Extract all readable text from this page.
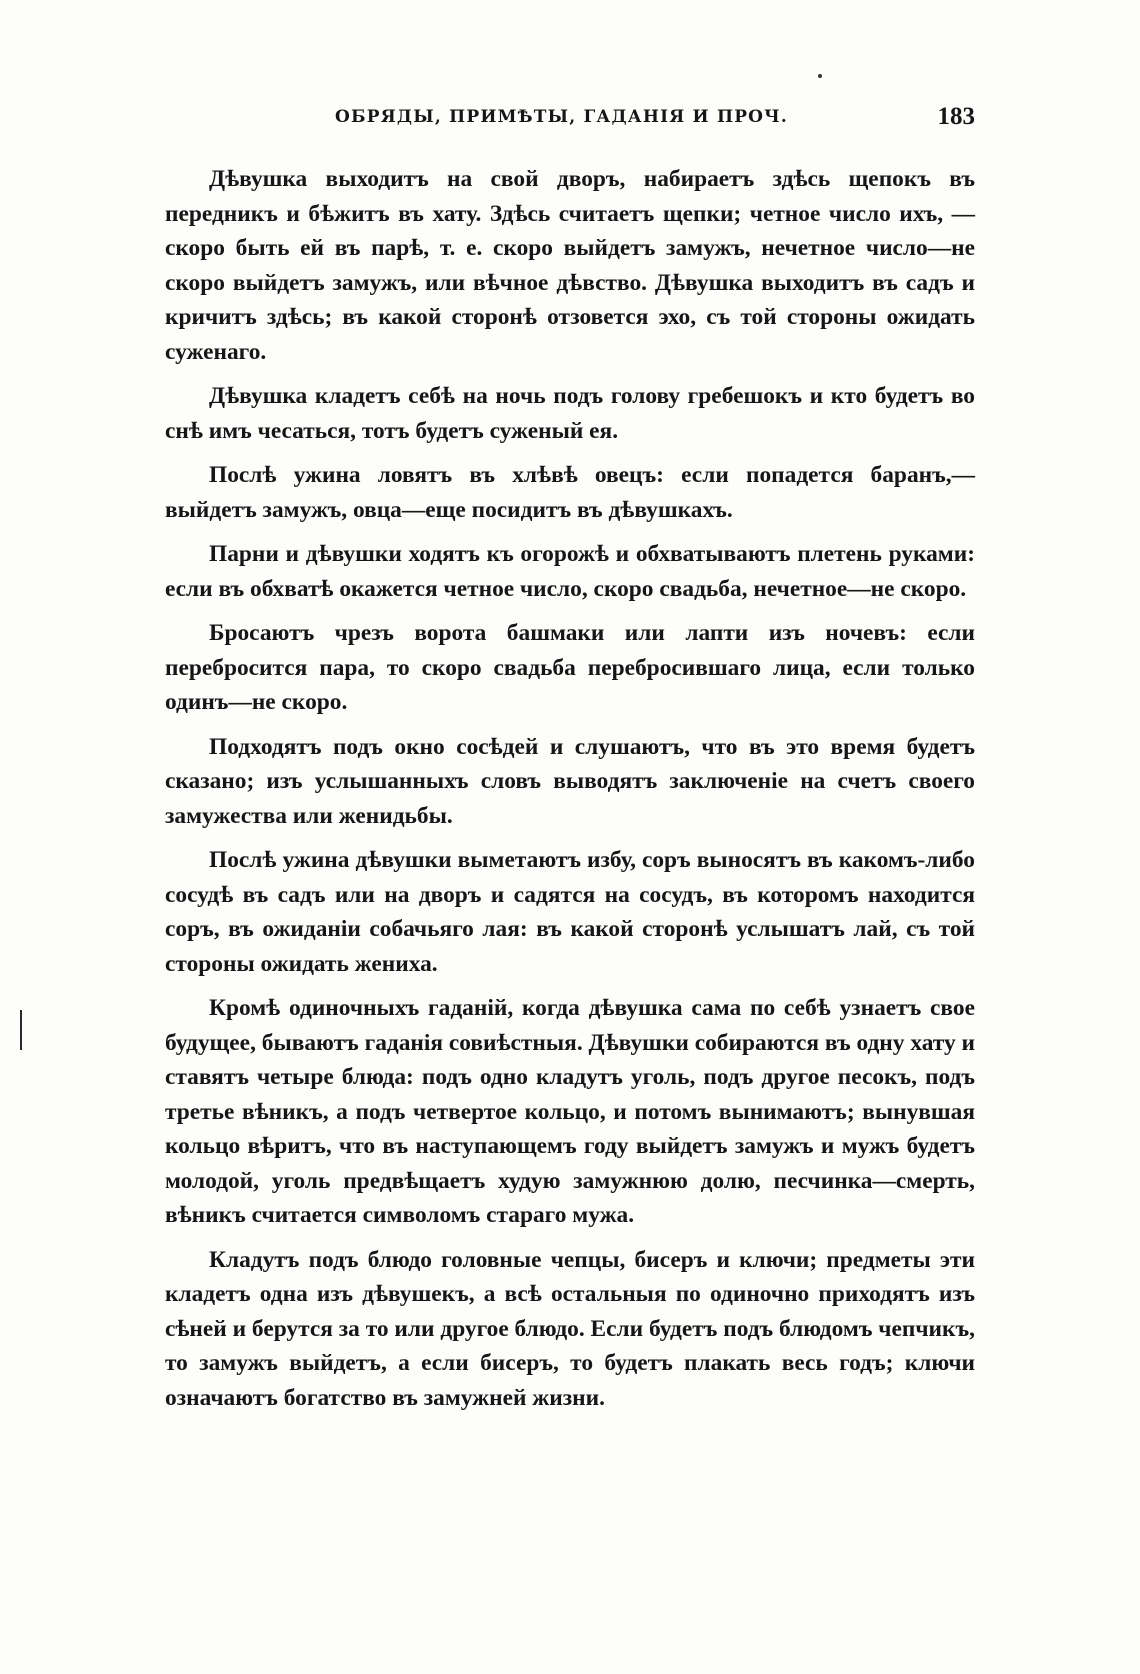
ОБРЯДЫ, ПРИМѢТЫ, ГАДАНІЯ И ПРОЧ.	183

Дѣвушка выходитъ на свой дворъ, набираетъ здѣсь щепокъ въ передникъ и бѣжитъ въ хату. Здѣсь считаетъ щепки; четное число ихъ, — скоро быть ей въ парѣ, т. е. скоро выйдетъ замужъ, нечетное число—не скоро выйдетъ замужъ, или вѣчное дѣвство. Дѣвушка выходитъ въ садъ и кричитъ здѣсь; въ какой сторонѣ отзовется эхо, съ той стороны ожидать суженаго.

Дѣвушка кладетъ себѣ на ночь подъ голову гребешокъ и кто будетъ во снѣ имъ чесаться, тотъ будетъ суженый ея.

Послѣ ужина ловятъ въ хлѣвѣ овецъ: если попадется баранъ,— выйдетъ замужъ, овца—еще посидитъ въ дѣвушкахъ.

Парни и дѣвушки ходятъ къ огорожѣ и обхватываютъ плетень руками: если въ обхватѣ окажется четное число, скоро свадьба, нечетное—не скоро.

Бросаютъ чрезъ ворота башмаки или лапти изъ ночевъ: если перебросится пара, то скоро свадьба перебросившаго лица, если только одинъ—не скоро.

Подходятъ подъ окно сосѣдей и слушаютъ, что въ это время будетъ сказано; изъ услышанныхъ словъ выводятъ заключеніе на счетъ своего замужества или женидьбы.

Послѣ ужина дѣвушки выметаютъ избу, соръ выносятъ въ какомъ-либо сосудѣ въ садъ или на дворъ и садятся на сосудъ, въ которомъ находится соръ, въ ожиданіи собачьяго лая: въ какой сторонѣ услышатъ лай, съ той стороны ожидать жениха.

Кромѣ одиночныхъ гаданій, когда дѣвушка сама по себѣ узнаетъ свое будущее, бываютъ гаданія совиѣстныя. Дѣвушки собираются въ одну хату и ставятъ четыре блюда: подъ одно кладутъ уголь, подъ другое песокъ, подъ третье вѣникъ, а подъ четвертое кольцо, и потомъ вынимаютъ; вынувшая кольцо вѣритъ, что въ наступающемъ году выйдетъ замужъ и мужъ будетъ молодой, уголь предвѣщаетъ худую замужнюю долю, песчинка—смерть, вѣникъ считается символомъ стараго мужа.

Кладутъ подъ блюдо головные чепцы, бисеръ и ключи; предметы эти кладетъ одна изъ дѣвушекъ, а всѣ остальныя по одиночно приходятъ изъ сѣней и берутся за то или другое блюдо. Если будетъ подъ блюдомъ чепчикъ, то замужъ выйдетъ, а если бисеръ, то будетъ плакать весь годъ; ключи означаютъ богатство въ замужней жизни.
